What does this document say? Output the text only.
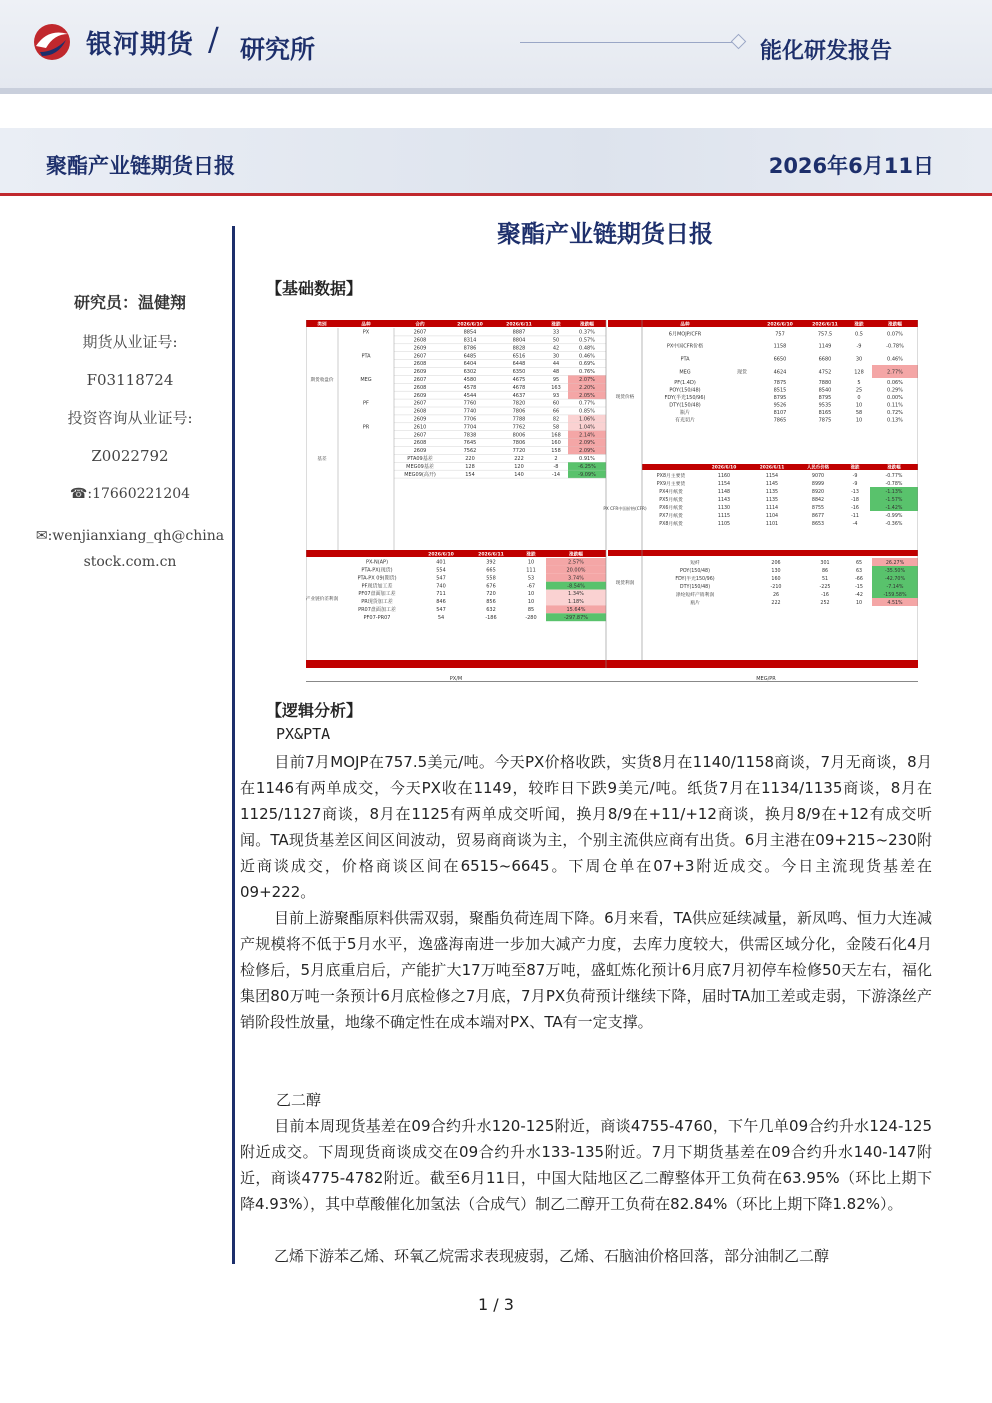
银河期货 / 研究所	能化研发报告
聚酯产业链期货日报	2026年6月11日
研究员：温健翔
期货从业证号:
F03118724
投资咨询从业证号:
Z0022792
☎:17660221204
✉:wenjianxiang_qh@china
stock.com.cn
聚酯产业链期货日报
【基础数据】
类别	品种	合约	2026/6/10	2026/6/11	涨跌	涨跌幅
PX	2607	8854	8887	33	0.37%
2608	8314	8804	50	0.57%
2609	8786	8828	42	0.48%
PTA	2607	6485	6516	30	0.46%
2608	6404	6448	44	0.69%
2609	6302	6350	48	0.76%
MEG	2607	4580	4675	95	2.07%
期货收盘价
2608	4578	4678	163	2.20%
2609	4544	4637	93	2.05%
PF	2607	7760	7820	60	0.77%
2608	7740	7806	66	0.85%
2609	7706	7788	82	1.06%
PR	2610	7704	7762	58	1.04%
2607	7838	8006	168	2.14%
2608	7645	7806	160	2.09%
2609	7562	7720	158	2.09%
PTA09基差	220	222	2	0.91%
基差
MEG09基差	128	120	-8	-6.25%
MEG09(高开)	154	140	-14	-9.09%
2026/6/10	2026/6/11	涨跌	涨跌幅
PX-N(AP)	401	392	10	2.57%
PTA-PX(现货)	554	665	111	20.00%
PTA-PX 09(期货)	547	558	53	3.74%
PF现货加工差	740	676	-67	-8.54%
PF07盘面加工差	711	720	10	1.34%
PR现货加工差	846	856	10	1.18%
PR07盘面加工差	547	632	85	15.64%
PF07-PR07	54	-186	-280	-297.87%
产业链价差利润
品种	2026/6/10	2026/6/11	涨跌	涨跌幅
6月MOJP/CFR	757	757.5	0.5	0.07%
PX中国CFR价格	1158	1149	-9	-0.78%
PTA	6650	6680	30	0.46%
MEG	现货	4624	4752	128	2.77%
PF(1.4D)	7875	7880	5	0.06%
POY(150/48)	8515	8540	25	0.29%
FDY(半光150/96)	8795	8795	0	0.00%
DTY(150/48)	9526	9535	10	0.11%
瓶片	8107	8165	58	0.72%
有光切片	7865	7875	10	0.13%
现货价格
2026/6/10	2026/6/11	人民币价格	涨跌	涨跌幅
PX8月主要货	1160	1154	9070	-9	-0.77%
PX9月主要货	1154	1145	8999	-9	-0.78%
PX4月纸货	1148	1135	8920	-13	-1.13%
PX5月纸货	1143	1135	8842	-18	-1.57%
PX6月纸货	1130	1114	8755	-16	-1.42%
PX7月纸货	1115	1104	8677	-11	-0.99%
PX8月纸货	1105	1101	8653	-4	-0.36%
PX CFR中国价格(CFR)
短纤	206	301	65	26.27%
POY(150/48)	130	86	63	-35.50%
FDY(半光150/96)	160	51	-66	-42.70%
DTY(150/48)	-210	-225	-15	-7.14%
涤纶短纤产销利润	26	-16	-42	-159.58%
瓶片	222	252	10	4.51%
现货利润
PX/M	MEG/PR
【逻辑分析】
PX&PTA
目前7月MOJP在757.5美元/吨。今天PX价格收跌，实货8月在1140/1158商谈，7月无商谈，8月在1146有两单成交，今天PX收在1149，较昨日下跌9美元/吨。纸货7月在1134/1135商谈，8月在1125/1127商谈，8月在1125有两单成交听闻，换月8/9在+11/+12商谈，换月8/9在+12有成交听闻。TA现货基差区间区间波动，贸易商商谈为主，个别主流供应商有出货。6月主港在09+215~230附近商谈成交，价格商谈区间在6515~6645。下周仓单在07+3附近成交。今日主流现货基差在09+222。
目前上游聚酯原料供需双弱，聚酯负荷连周下降。6月来看，TA供应延续减量，新凤鸣、恒力大连减产规模将不低于5月水平，逸盛海南进一步加大减产力度，去库力度较大，供需区域分化，金陵石化4月检修后，5月底重启后，产能扩大17万吨至87万吨，盛虹炼化预计6月底7月初停车检修50天左右，福化集团80万吨一条预计6月底检修之7月底，7月PX负荷预计继续下降，届时TA加工差或走弱，下游涤丝产销阶段性放量，地缘不确定性在成本端对PX、TA有一定支撑。
乙二醇
目前本周现货基差在09合约升水120-125附近，商谈4755-4760，下午几单09合约升水124-125附近成交。下周现货商谈成交在09合约升水133-135附近。7月下期货基差在09合约升水140-147附近，商谈4775-4782附近。截至6月11日，中国大陆地区乙二醇整体开工负荷在63.95%（环比上期下降4.93%），其中草酸催化加氢法（合成气）制乙二醇开工负荷在82.84%（环比上期下降1.82%）。
乙烯下游苯乙烯、环氧乙烷需求表现疲弱，乙烯、石脑油价格回落，部分油制乙二醇
1 / 3
